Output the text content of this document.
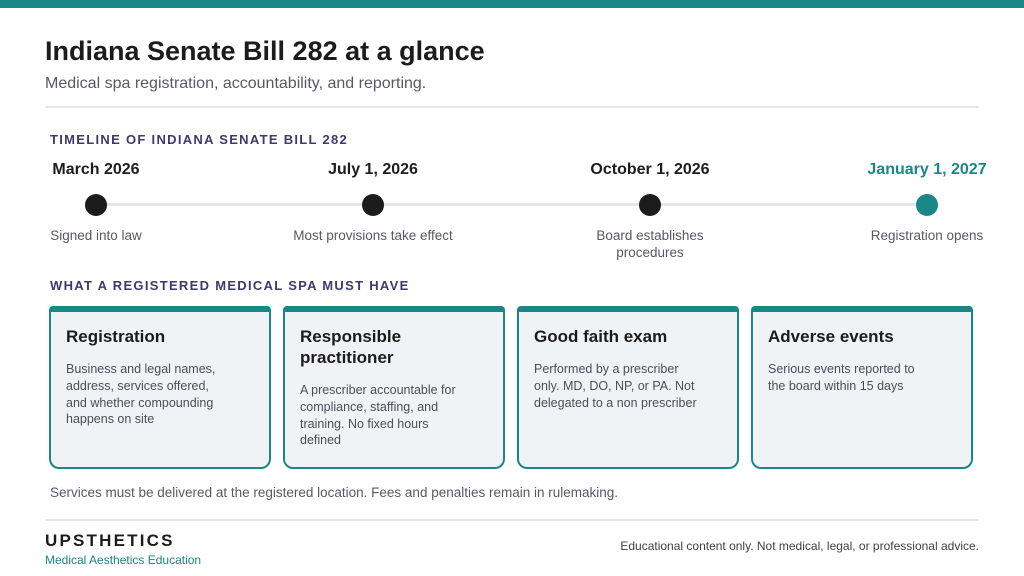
Indiana Senate Bill 282 at a glance

Medical spa registration, accountability, and reporting.

TIMELINE OF INDIANA SENATE BILL 282
March 2026
Signed into law
July 1, 2026
Most provisions take effect
October 1, 2026
Board establishes procedures
January 1, 2027
Registration opens
WHAT A REGISTERED MEDICAL SPA MUST HAVE
Registration
Business and legal names, address, services offered, and whether compounding happens on site
Responsible practitioner
A prescriber accountable for compliance, staffing, and training. No fixed hours defined
Good faith exam
Performed by a prescriber only. MD, DO, NP, or PA. Not delegated to a non prescriber
Adverse events
Serious events reported to the board within 15 days

Services must be delivered at the registered location. Fees and penalties remain in rulemaking.

UPSTHETICS
Medical Aesthetics Education
Educational content only. Not medical, legal, or professional advice.
